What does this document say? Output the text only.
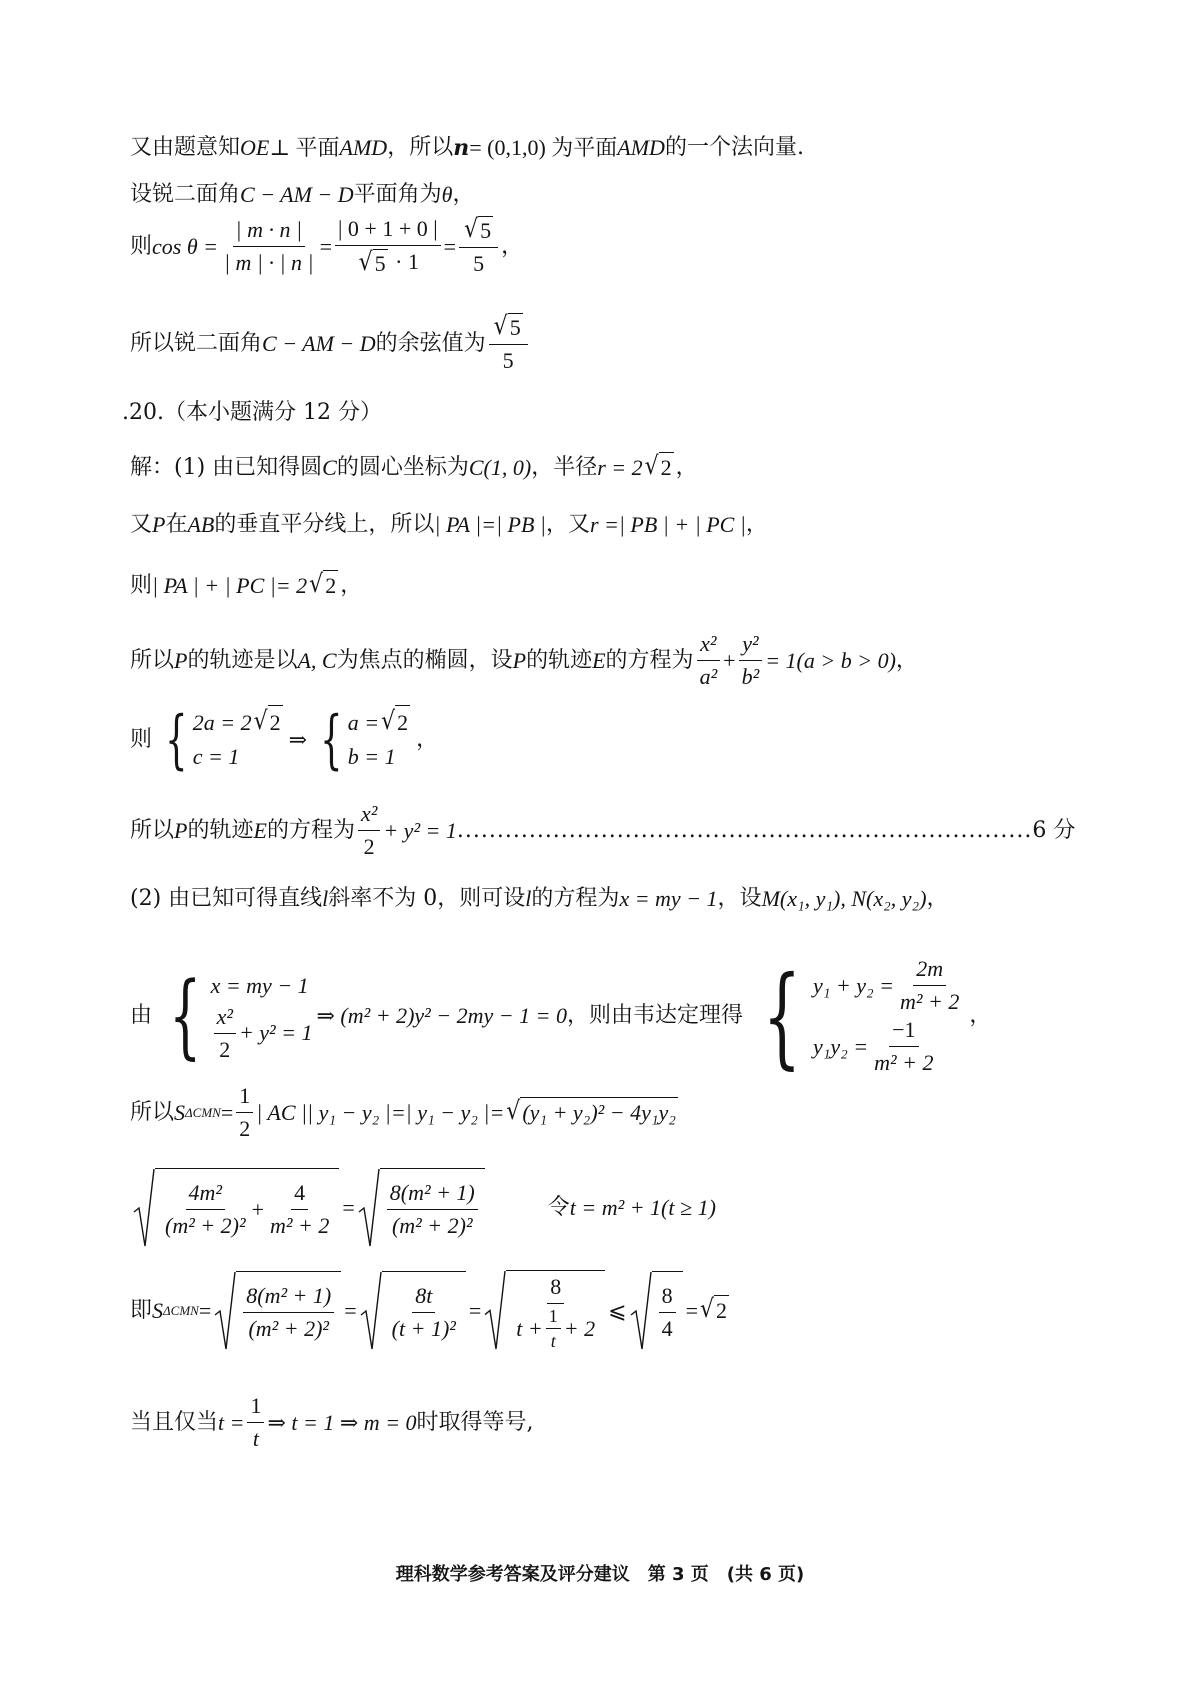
又由题意知 OE ⊥ 平面 AMD ，所以 n = (0,1,0) 为平面 AMD 的一个法向量.
设锐二面角 C − AM − D 平面角为 θ ，
则 $\cos \theta = \frac{| m \cdot n |}{| m | \cdot | n |} = \frac{| 0 + 1 + 0 |}{√ 5 \cdot 1} = \frac{√ 5}{5}$ ，
所以锐二面角 C − AM − D 的余弦值为 $\frac{√ 5}{5}$
.20.（本小题满分 12 分）
解：(1) 由已知得圆 C 的圆心坐标为 C(1, 0) ，半径 r = 2 √ 2 ，
又 P 在 AB 的垂直平分线上，所以 | PA |=| PB | ，又 r =| PB | + | PC | ，
则 | PA | + | PC |= 2 √ 2 ，
所以 P 的轨迹是以 A, C 为焦点的椭圆，设 P 的轨迹 E 的方程为 $\frac{\text{x²}}{\text{a²}} + \frac{\text{y²}}{\text{b²}} = 1(a > b > 0)$ ，
则 { 2a = 2 √ 2
c = 1
⇒ { a = √ 2
b = 1
，
所以 P 的轨迹 E 的方程为 $\frac{\text{x²}}{2} + y^2 = 1$ ........................................................................ 6 分
(2) 由已知可得直线 l 斜率不为 0，则可设 l 的方程为 x = my − 1 ，设 M(x₁, y₁), N(x₂, y₂) ，
由 { x = my − 1
$\frac{\text{x²}}{2} + y^2 = 1$
⇒ (m² + 2)y² − 2my − 1 = 0 ，则由韦达定理得 { $y_1 + y_2 = \frac{2m}{\text{m² + 2}}$
$y_1y_2 = \frac{-1}{\text{m² + 2}}$
，
所以 S $\Delta CMN = \frac{1}{2}$ | AC || y₁ − y₂ |=| y₁ − y₂ |= √ (y₁ + y₂)² − 4y₁y₂
$\frac{\text{4m²}}{\text{(m² + 2)²}} + \frac{4}{\text{m² + 2}} = \frac{\text{8(m² + 1)}}{\text{(m² + 2)²}}$	令 t = m² + 1(t ≥ 1)
即 S $\Delta CMN = \frac{\text{8(m² + 1)}}{\text{(m² + 2)²}} = \frac{8t}{\text{(t + 1)²}}$ =
8
$t + \frac{1}{t} + 2$
⩽ $\frac{8}{4}$ = √ 2
当且仅当 $t = \frac{1}{t}$ ⇒ t = 1 ⇒ m = 0 时取得等号,
理科数学参考答案及评分建议　第 3 页　(共 6 页)
